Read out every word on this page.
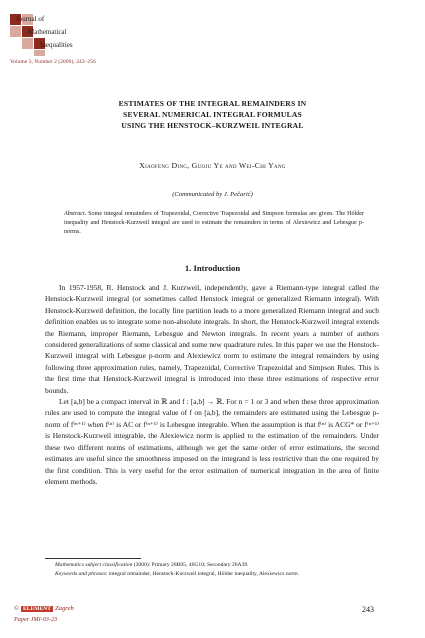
Journal of
Mathematical
Inequalities
Volume 3, Number 2 (2009), 243–256
ESTIMATES OF THE INTEGRAL REMAINDERS IN
SEVERAL NUMERICAL INTEGRAL FORMULAS
USING THE HENSTOCK–KURZWEIL INTEGRAL
Xiaofeng Ding, Guoju Ye and Wei-Chi Yang
(Communicated by J. Pečarić)
Abstract. Some integral remainders of Trapezoidal, Corrective Trapezoidal and Simpson formulas are given. The Hölder inequality and Henstock-Kurzweil integral are used to estimate the remainders in terms of Alexiewicz and Lebesgue p-norms.
1. Introduction

In 1957-1958, R. Henstock and J. Kurzweil, independently, gave a Riemann-type integral called the Henstock-Kurzweil integral (or sometimes called Henstock integral or generalized Riemann integral). With Henstock-Kurzweil definition, the locally fine partition leads to a more generalized Riemann integral and such definition enables us to integrate some non-absolute integrals. In short, the Henstock-Kurzweil integral extends the Riemann, improper Riemann, Lebesgue and Newton integrals. In recent years a number of authors considered generalizations of some classical and some new quadrature rules. In this paper we use the Henstock-Kurzweil integral with Lebesgue p-norm and Alexiewicz norm to estimate the integral remainders by using following three approximation rules, namely, Trapezoidal, Corrective Trapezoidal and Simpson Rules. This is the first time that Henstock-Kurzweil integral is introduced into these three estimations of respective error bounds.

Let [a,b] be a compact interval in ℝ and f : [a,b] → ℝ. For n = 1 or 3 and when these three approximation rules are used to compute the integral value of f on [a,b], the remainders are estimated using the Lebesgue p-norm of f⁽ⁿ⁺¹⁾ when f⁽ⁿ⁾ is AC or f⁽ⁿ⁺¹⁾ is Lebesgue integrable. When the assumption is that f⁽ⁿ⁾ is ACG* or f⁽ⁿ⁺¹⁾ is Henstock-Kurzweil integrable, the Alexiewicz norm is applied to the estimation of the remainders. Under these two different norms of estimations, although we get the same order of error estimations, the second estimates are useful since the smoothness imposed on the integrand is less restrictive than the one required by the first condition. This is very useful for the error estimation of numerical integration in the area of finite element methods.

Mathematics subject classification (2000): Primary 28B05, 46G10; Secondary 26A39.
Keywords and phrases: integral remainder, Henstock-Kurzweil integral, Hölder inequality, Alexiewicz norm.
© ELEMENT Zagreb
Paper JMI-03-23
243
